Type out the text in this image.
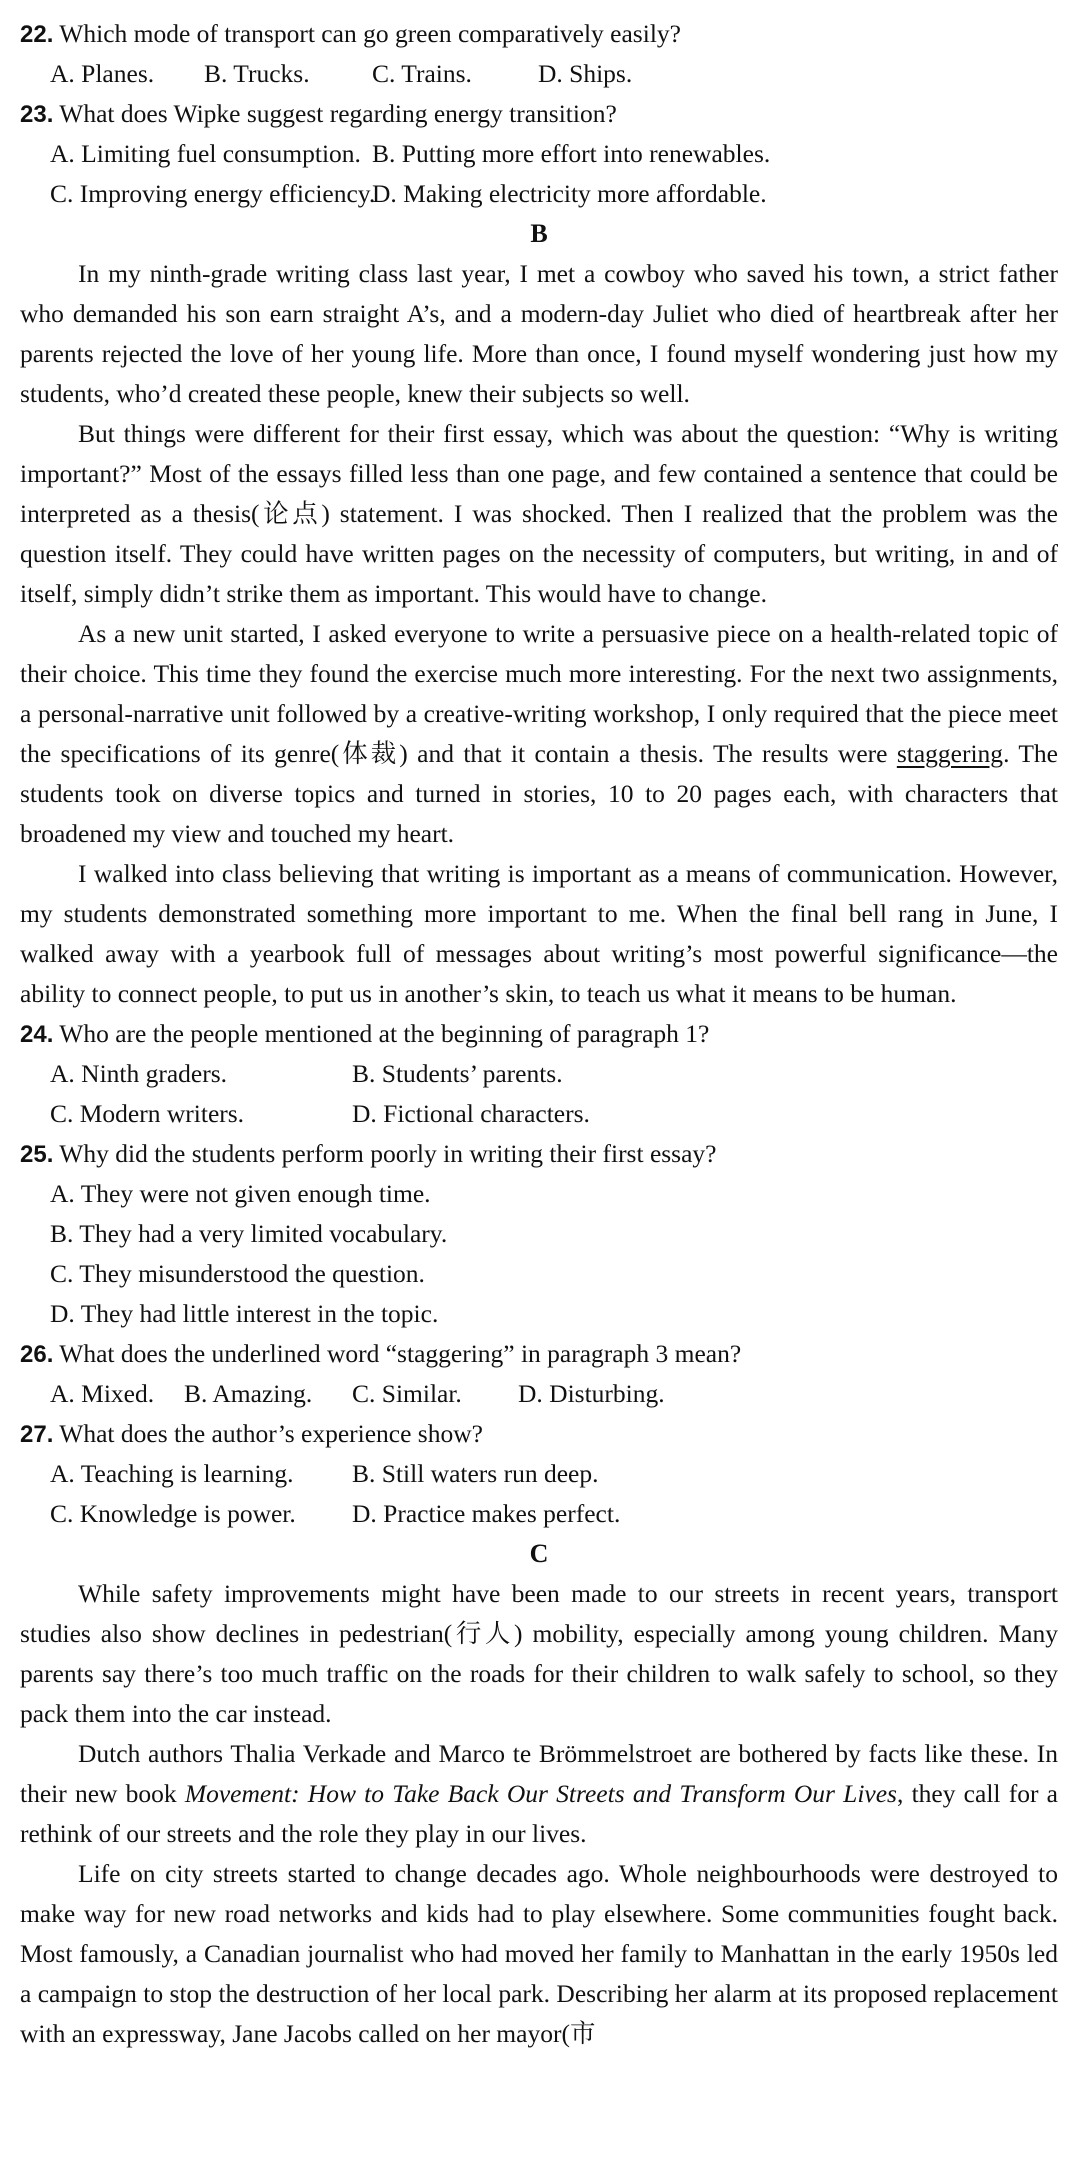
22. Which mode of transport can go green comparatively easily?
A. Planes. B. Trucks. C. Trains.	D. Ships.
23. What does Wipke suggest regarding energy transition?
A. Limiting fuel consumption. B. Putting more effort into renewables.
C. Improving energy efficiency.
D. Making electricity more affordable.
B

In my ninth-grade writing class last year, I met a cowboy who saved his town, a strict father who demanded his son earn straight A’s, and a modern-day Juliet who died of heartbreak after her parents rejected the love of her young life. More than once, I found myself wondering just how my students, who’d created these people, knew their subjects so well.

But things were different for their first essay, which was about the question: “Why is writing important?” Most of the essays filled less than one page, and few contained a sentence that could be interpreted as a thesis(论点) statement. I was shocked. Then I realized that the problem was the question itself. They could have written pages on the necessity of computers, but writing, in and of itself, simply didn’t strike them as important. This would have to change.

As a new unit started, I asked everyone to write a persuasive piece on a health-related topic of their choice. This time they found the exercise much more interesting. For the next two assignments, a personal-narrative unit followed by a creative-writing workshop, I only required that the piece meet the specifications of its genre(体裁) and that it contain a thesis. The results were staggering. The students took on diverse topics and turned in stories, 10 to 20 pages each, with characters that broadened my view and touched my heart.

I walked into class believing that writing is important as a means of communication. However, my students demonstrated something more important to me. When the final bell rang in June, I walked away with a yearbook full of messages about writing’s most powerful significance—the ability to connect people, to put us in another’s skin, to teach us what it means to be human.

24. Who are the people mentioned at the beginning of paragraph 1?
A. Ninth graders.	B. Students’ parents.
C. Modern writers.	D. Fictional characters.
25. Why did the students perform poorly in writing their first essay?
A. They were not given enough time.
B. They had a very limited vocabulary.
C. They misunderstood the question.
D. They had little interest in the topic.
26. What does the underlined word “staggering” in paragraph 3 mean?
A. Mixed. B. Amazing. C. Similar. D. Disturbing.
27. What does the author’s experience show?
A. Teaching is learning. B. Still waters run deep.
C. Knowledge is power. D. Practice makes perfect.
C

While safety improvements might have been made to our streets in recent years, transport studies also show declines in pedestrian(行人) mobility, especially among young children. Many parents say there’s too much traffic on the roads for their children to walk safely to school, so they pack them into the car instead.

Dutch authors Thalia Verkade and Marco te Brömmelstroet are bothered by facts like these. In their new book Movement: How to Take Back Our Streets and Transform Our Lives, they call for a rethink of our streets and the role they play in our lives.

Life on city streets started to change decades ago. Whole neighbourhoods were destroyed to make way for new road networks and kids had to play elsewhere. Some communities fought back. Most famously, a Canadian journalist who had moved her family to Manhattan in the early 1950s led a campaign to stop the destruction of her local park. Describing her alarm at its proposed replacement with an expressway, Jane Jacobs called on her mayor(市
